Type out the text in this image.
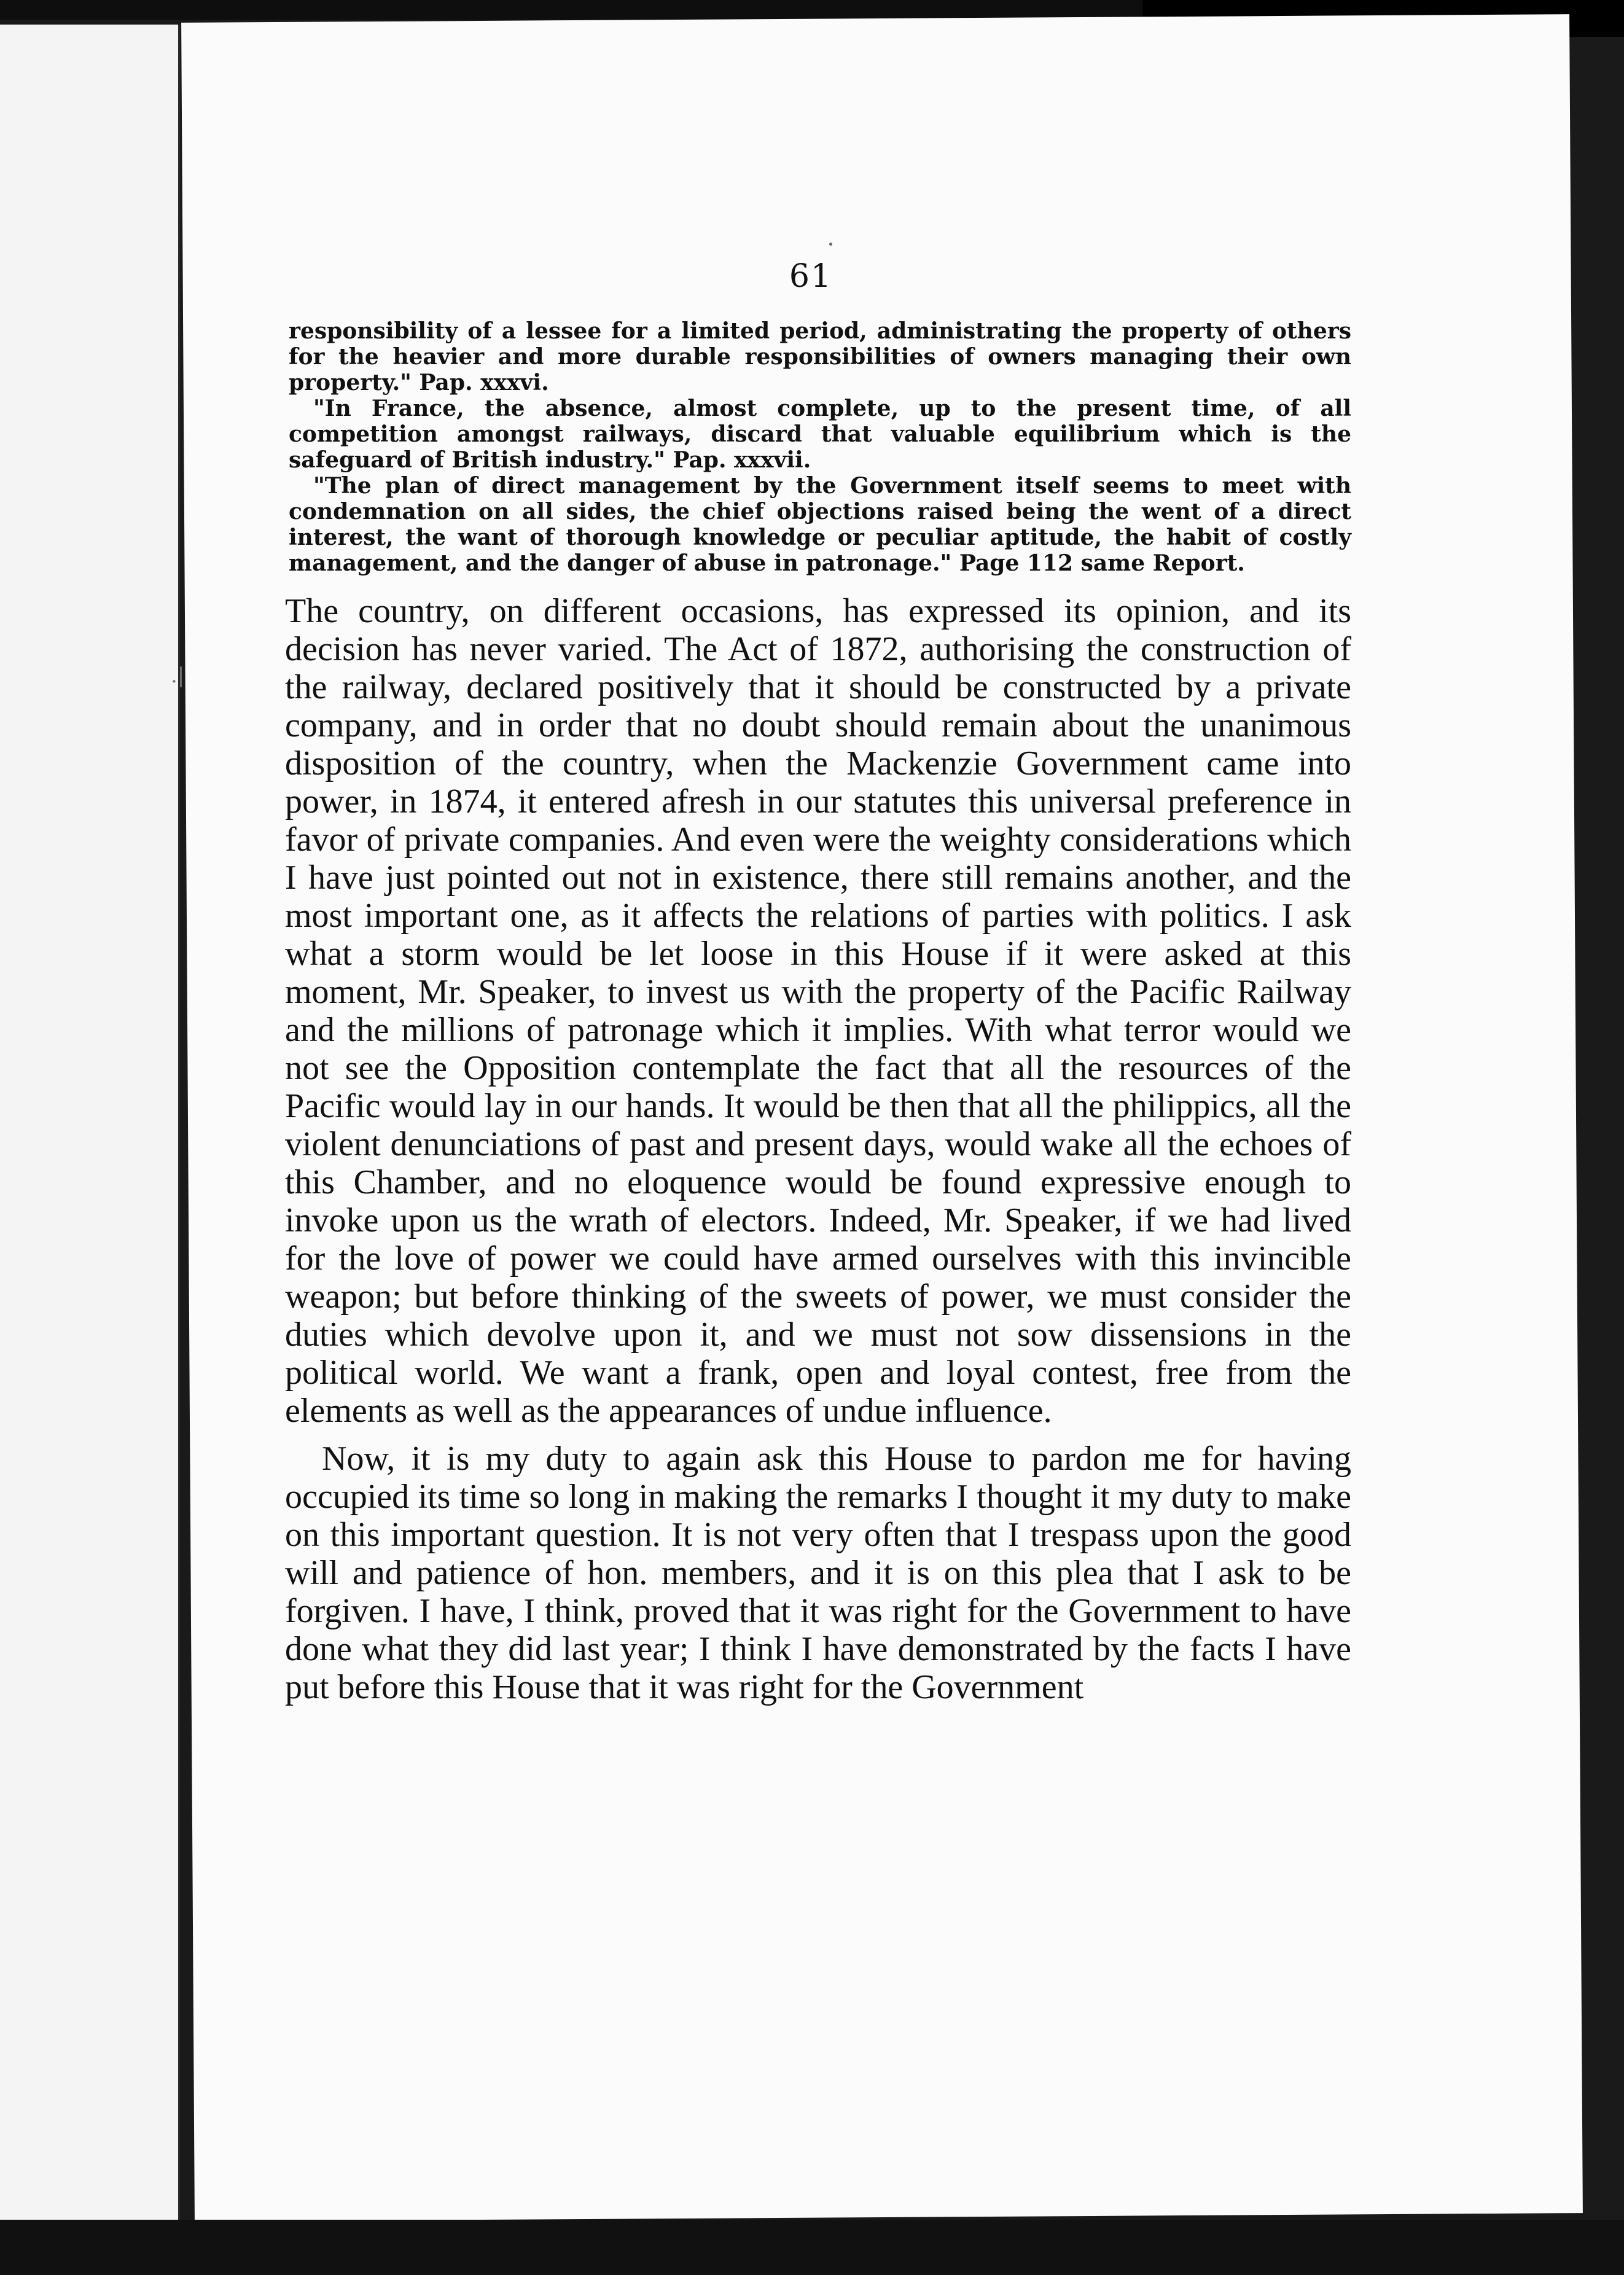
.|
61

responsibility of a lessee for a limited period, administrating the property of others for the heavier and more durable responsibilities of owners managing their own property." Pap. xxxvi.

"In France, the absence, almost complete, up to the present time, of all competition amongst railways, discard that valuable equilibrium which is the safeguard of British industry." Pap. xxxvii.

"The plan of direct management by the Government itself seems to meet with condemnation on all sides, the chief objections raised being the went of a direct interest, the want of thorough knowledge or peculiar aptitude, the habit of costly management, and the danger of abuse in patronage." Page 112 same Report.

The country, on different occasions, has expressed its opinion, and its decision has never varied. The Act of 1872, authorising the construction of the railway, declared positively that it should be constructed by a private company, and in order that no doubt should remain about the unanimous disposition of the country, when the Mackenzie Government came into power, in 1874, it entered afresh in our statutes this universal preference in favor of private companies. And even were the weighty considerations which I have just pointed out not in existence, there still remains another, and the most important one, as it affects the relations of parties with politics. I ask what a storm would be let loose in this House if it were asked at this moment, Mr. Speaker, to invest us with the property of the Pacific Railway and the millions of patronage which it implies. With what terror would we not see the Opposition contemplate the fact that all the resources of the Pacific would lay in our hands. It would be then that all the philippics, all the violent denunciations of past and present days, would wake all the echoes of this Chamber, and no eloquence would be found expressive enough to invoke upon us the wrath of electors. Indeed, Mr. Speaker, if we had lived for the love of power we could have armed ourselves with this invincible weapon; but before thinking of the sweets of power, we must consider the duties which devolve upon it, and we must not sow dissensions in the political world. We want a frank, open and loyal contest, free from the elements as well as the appearances of undue influence.

Now, it is my duty to again ask this House to pardon me for having occupied its time so long in making the remarks I thought it my duty to make on this important question. It is not very often that I trespass upon the good will and patience of hon. members, and it is on this plea that I ask to be forgiven. I have, I think, proved that it was right for the Government to have done what they did last year; I think I have demonstrated by the facts I have put before this House that it was right for the Government
